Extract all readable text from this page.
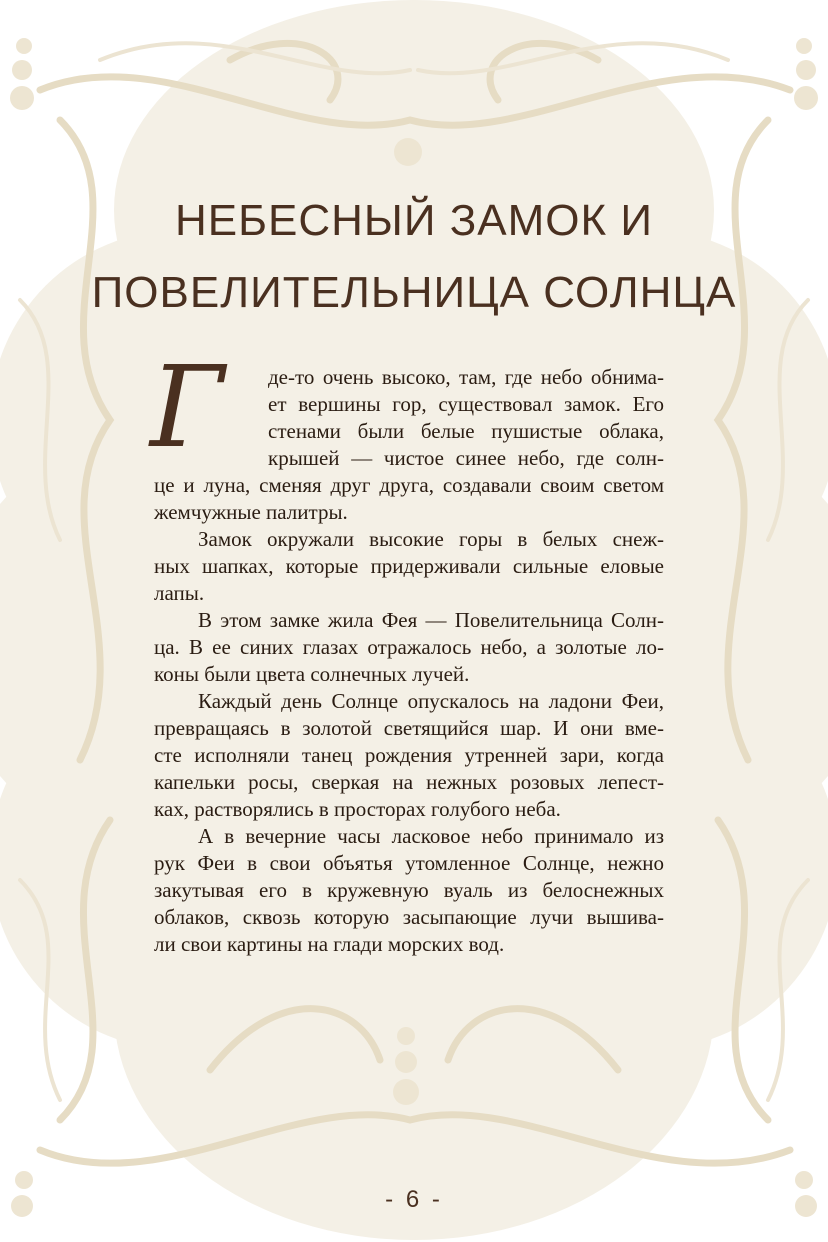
НЕБЕСНЫЙ ЗАМОК И
ПОВЕЛИТЕЛЬНИЦА СОЛНЦА
Г	де-то очень высоко, там, где небо обнима-
ет вершины гор, существовал замок. Его
стенами были белые пушистые облака,
крышей — чистое синее небо, где солн-
це и луна, сменяя друг друга, создавали своим светом
жемчужные палитры.
Замок окружали высокие горы в белых снеж-
ных шапках, которые придерживали сильные еловые
лапы.
В этом замке жила Фея — Повелительница Солн-
ца. В ее синих глазах отражалось небо, а золотые ло-
коны были цвета солнечных лучей.
Каждый день Солнце опускалось на ладони Феи,
превращаясь в золотой светящийся шар. И они вме-
сте исполняли танец рождения утренней зари, когда
капельки росы, сверкая на нежных розовых лепест-
ках, растворялись в просторах голубого неба.
А в вечерние часы ласковое небо принимало из
рук Феи в свои объятья утомленное Солнце, нежно
закутывая его в кружевную вуаль из белоснежных
облаков, сквозь которую засыпающие лучи вышива-
ли свои картины на глади морских вод.
- 6 -
